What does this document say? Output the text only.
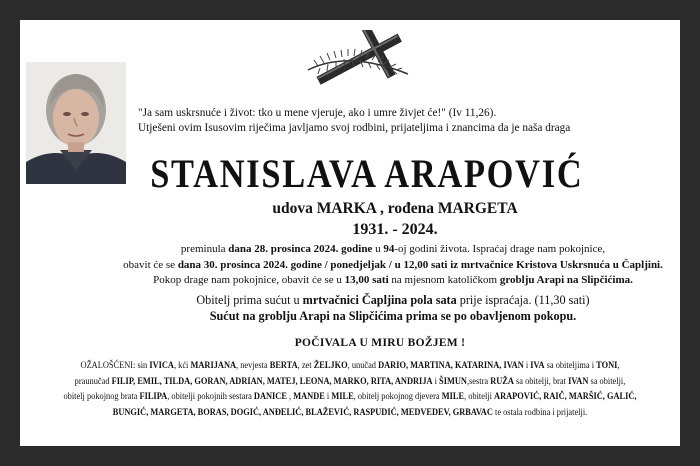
"Ja sam uskrsnuće i život: tko u mene vjeruje, ako i umre živjet će!" (Iv 11,26).
Utješeni ovim Isusovim riječima javljamo svoj rodbini, prijateljima i znancima da je naša draga
STANISLAVA ARAPOVIĆ
udova MARKA , rođena MARGETA
1931. - 2024.
preminula dana 28. prosinca 2024. godine u 94-oj godini života. Ispraćaj drage nam pokojnice,
obavit će se dana 30. prosinca 2024. godine / ponedjeljak / u 12,00 sati iz mrtvačnice Kristova Uskrsnuća u Čapljini.
Pokop drage nam pokojnice, obavit će se u 13,00 sati na mjesnom katoličkom groblju Arapi na Slipčićima.
Obitelj prima sućut u mrtvačnici Čapljina pola sata prije ispraćaja. (11,30 sati)
Sućut na groblju Arapi na Slipčićima prima se po obavljenom pokopu.
POČIVALA U MIRU BOŽJEM !
OŽALOŠĆENI: sin IVICA, kći MARIJANA, nevjesta BERTA, zet ŽELJKO, unučad DARIO, MARTINA, KATARINA, IVAN i IVA sa obiteljima i TONI,
praunučad FILIP, EMIL, TILDA, GORAN, ADRIAN, MATEJ, LEONA, MARKO, RITA, ANDRIJA i ŠIMUN,sestra RUŽA sa obitelji, brat IVAN sa obitelji,
obitelj pokojnog brata FILIPA, obitelji pokojnih sestara DANICE , MANDE i MILE, obitelj pokojnog djevera MILE, obitelji ARAPOVIĆ, RAIČ, MARŠIĆ, GALIĆ,
BUNGIĆ, MARGETA, BORAS, DOGIĆ, ANĐELIĆ, BLAŽEVIĆ, RASPUDIĆ, MEDVEDEV, GRBAVAC te ostala rodbina i prijatelji.
